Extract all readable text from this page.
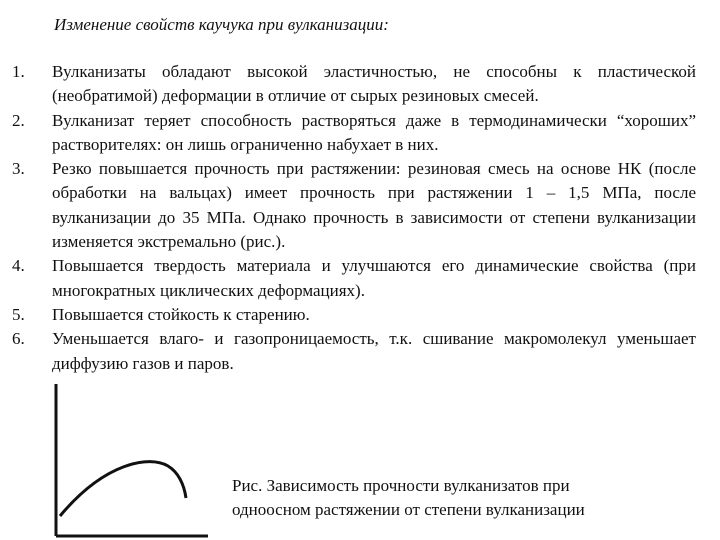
Изменение свойств каучука при вулканизации:
1.	Вулканизаты обладают высокой эластичностью, не способны к пластической (необратимой) деформации в отличие от сырых резиновых смесей.
2.	Вулканизат теряет способность растворяться даже в термодинамически “хороших” растворителях: он лишь ограниченно набухает в них.
3.	Резко повышается прочность при растяжении: резиновая смесь на основе НК (после обработки на вальцах) имеет прочность при растяжении 1 – 1,5 МПа, после вулканизации до 35 МПа. Однако прочность в зависимости от степени вулканизации изменяется экстремально (рис.).
4.	Повышается твердость материала и улучшаются его динамические свойства (при многократных циклических деформациях).
5.	Повышается стойкость к старению.
6.	Уменьшается влаго- и газопроницаемость, т.к. сшивание макромолекул уменьшает диффузию газов и паров.
Рис. Зависимость прочности вулканизатов при
одноосном растяжении от степени вулканизации
